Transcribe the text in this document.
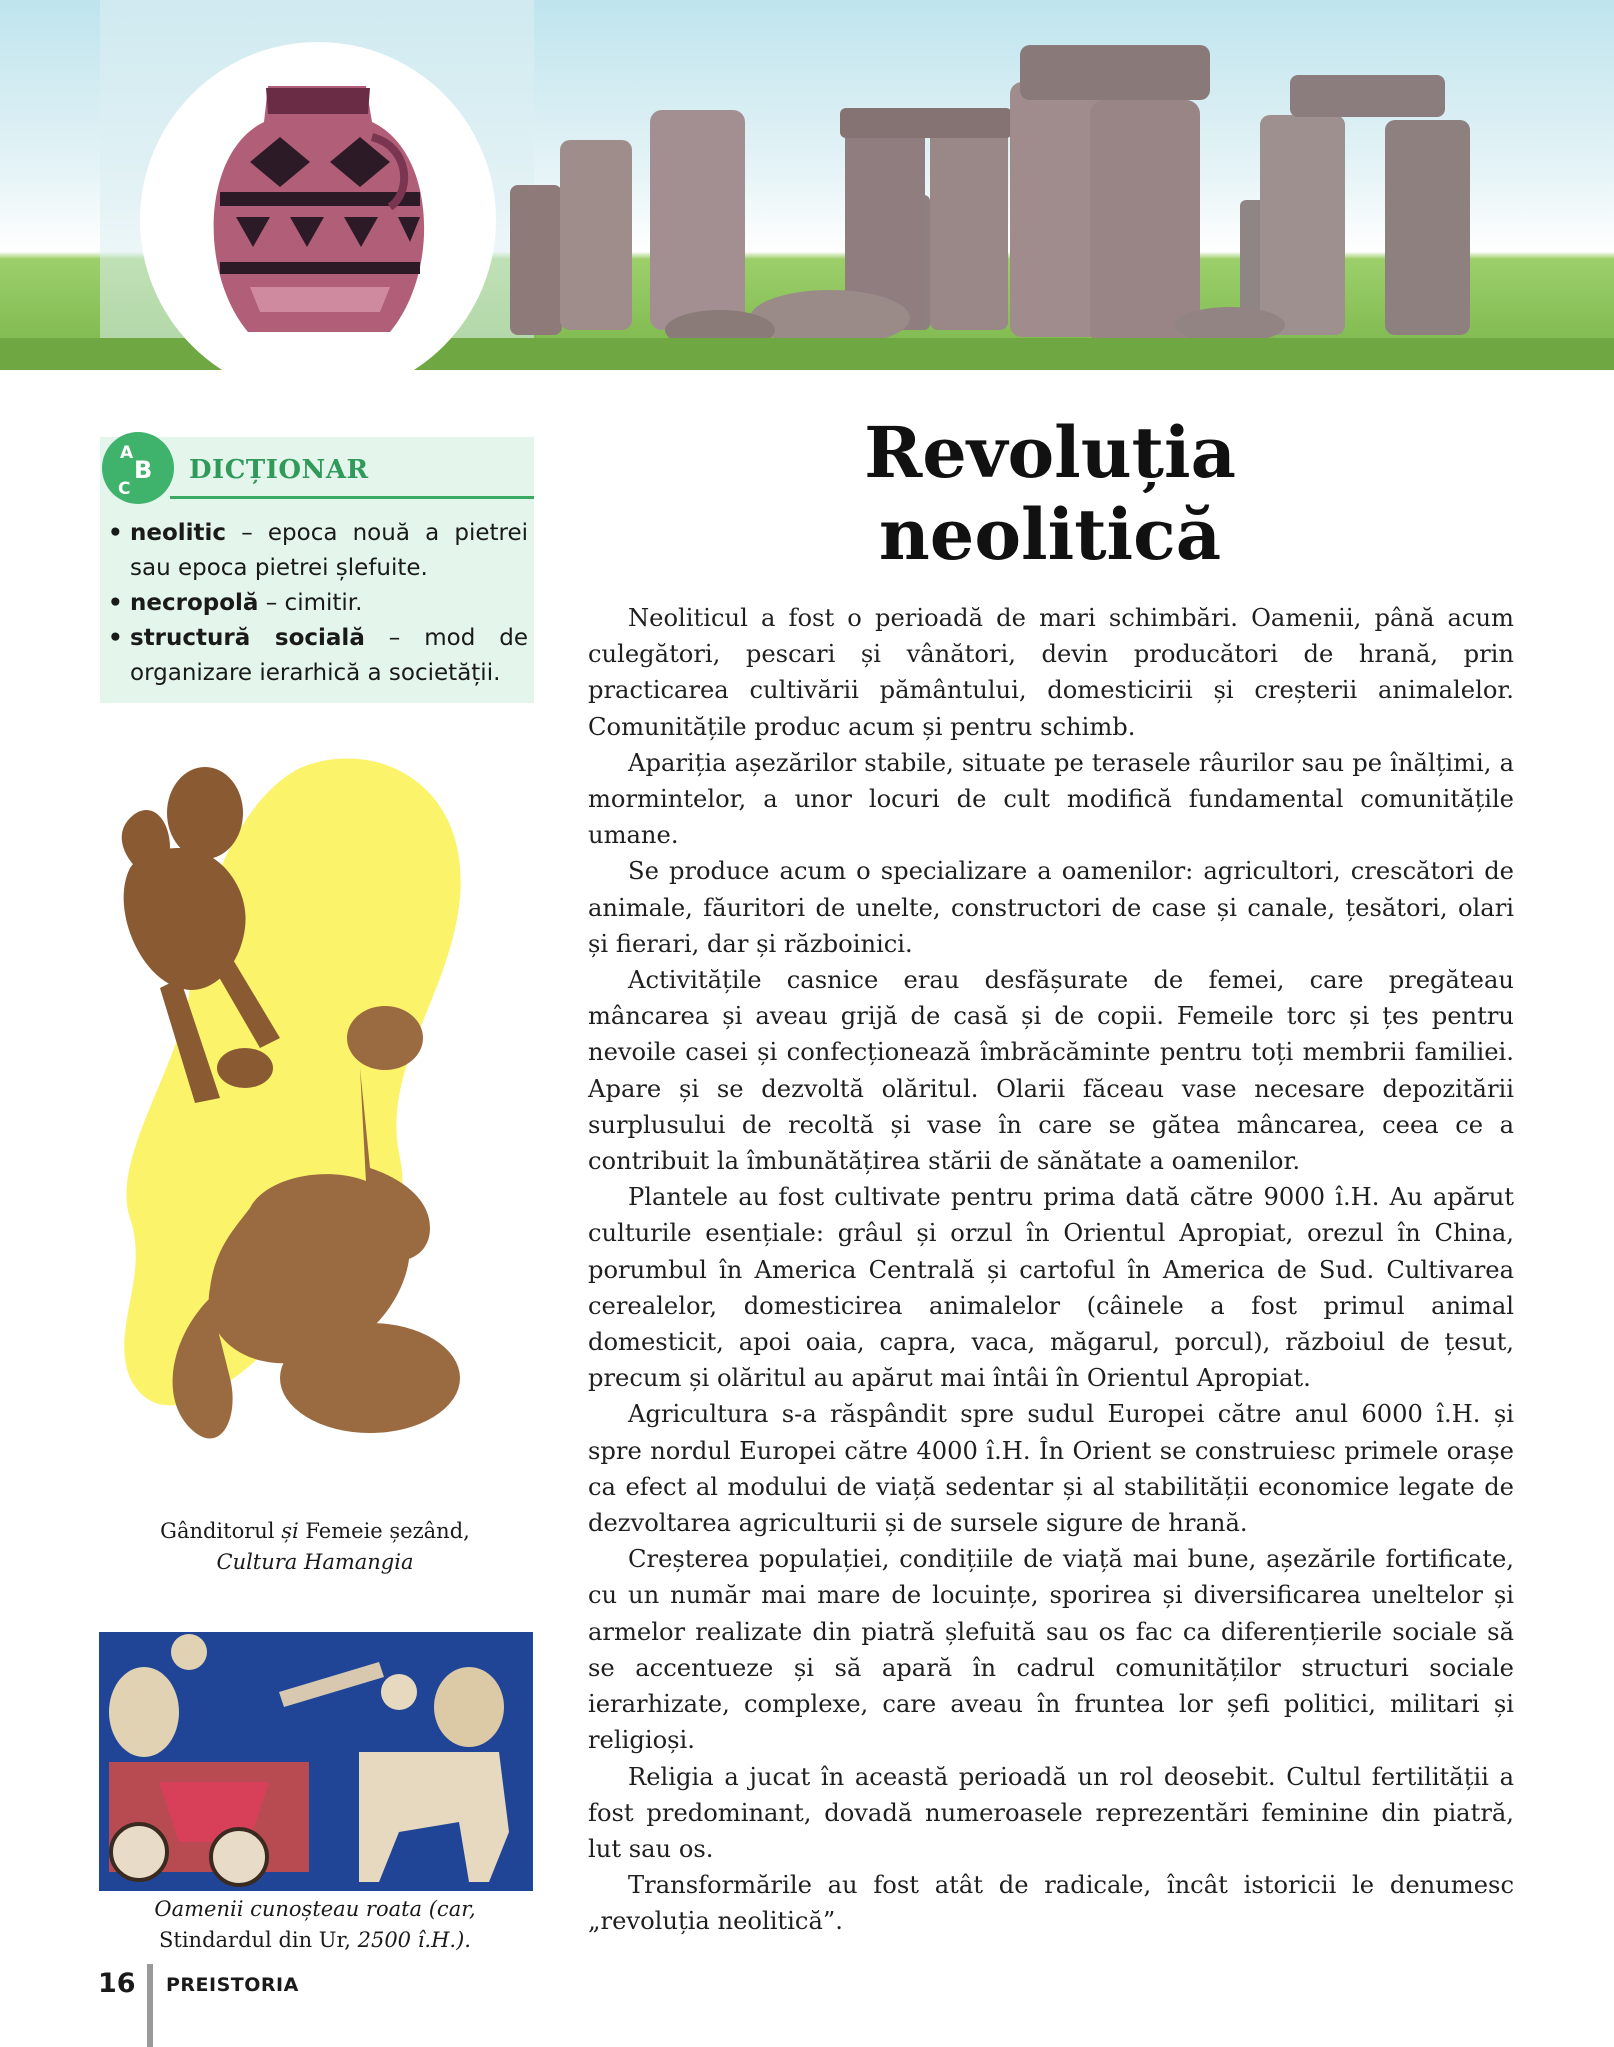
A
B
C
DICȚIONAR
• neolitic – epoca nouă a pietrei sau epoca pietrei șlefuite.
• necropolă – cimitir.
• structură socială – mod de organizare ierarhică a societății.
Gânditorul și Femeie șezând,
Cultura Hamangia
Oamenii cunoșteau roata (car,
Stindardul din Ur, 2500 î.H.).
Revoluția
neolitică

Neoliticul a fost o perioadă de mari schimbări. Oamenii, până acum culegători, pescari și vânători, devin producători de hrană, prin practicarea cultivării pământului, domesticirii și creșterii animalelor. Comunitățile produc acum și pentru schimb.

Apariția așezărilor stabile, situate pe terasele râurilor sau pe înălțimi, a mormintelor, a unor locuri de cult modifică fundamental comunitățile umane.

Se produce acum o specializare a oamenilor: agricultori, crescători de animale, făuritori de unelte, constructori de case și canale, țesători, olari și fierari, dar și războinici.

Activitățile casnice erau desfășurate de femei, care pregăteau mâncarea și aveau grijă de casă și de copii. Femeile torc și țes pentru nevoile casei și confecționează îmbrăcăminte pentru toți membrii familiei. Apare și se dezvoltă olăritul. Olarii făceau vase necesare depozitării surplusului de recoltă și vase în care se gătea mâncarea, ceea ce a contribuit la îmbunătățirea stării de sănătate a oamenilor.

Plantele au fost cultivate pentru prima dată către 9000 î.H. Au apărut culturile esențiale: grâul și orzul în Orientul Apropiat, orezul în China, porumbul în America Centrală și cartoful în America de Sud. Cultivarea cerealelor, domesticirea animalelor (câinele a fost primul animal domesticit, apoi oaia, capra, vaca, măgarul, porcul), războiul de țesut, precum și olăritul au apărut mai întâi în Orientul Apropiat.

Agricultura s-a răspândit spre sudul Europei către anul 6000 î.H. și spre nordul Europei către 4000 î.H. În Orient se construiesc primele orașe ca efect al modului de viață sedentar și al stabilității economice legate de dezvoltarea agriculturii și de sursele sigure de hrană.

Creșterea populației, condițiile de viață mai bune, așezările fortificate, cu un număr mai mare de locuințe, sporirea și diversificarea uneltelor și armelor realizate din piatră șlefuită sau os fac ca diferențierile sociale să se accentueze și să apară în cadrul comunităților structuri sociale ierarhizate, complexe, care aveau în fruntea lor șefi politici, militari și religioși.

Religia a jucat în această perioadă un rol deosebit. Cultul fertilității a fost predominant, dovadă numeroasele reprezentări feminine din piatră, lut sau os.

Transformările au fost atât de radicale, încât istoricii le denumesc „revoluția neolitică”.

16 PREISTORIA
